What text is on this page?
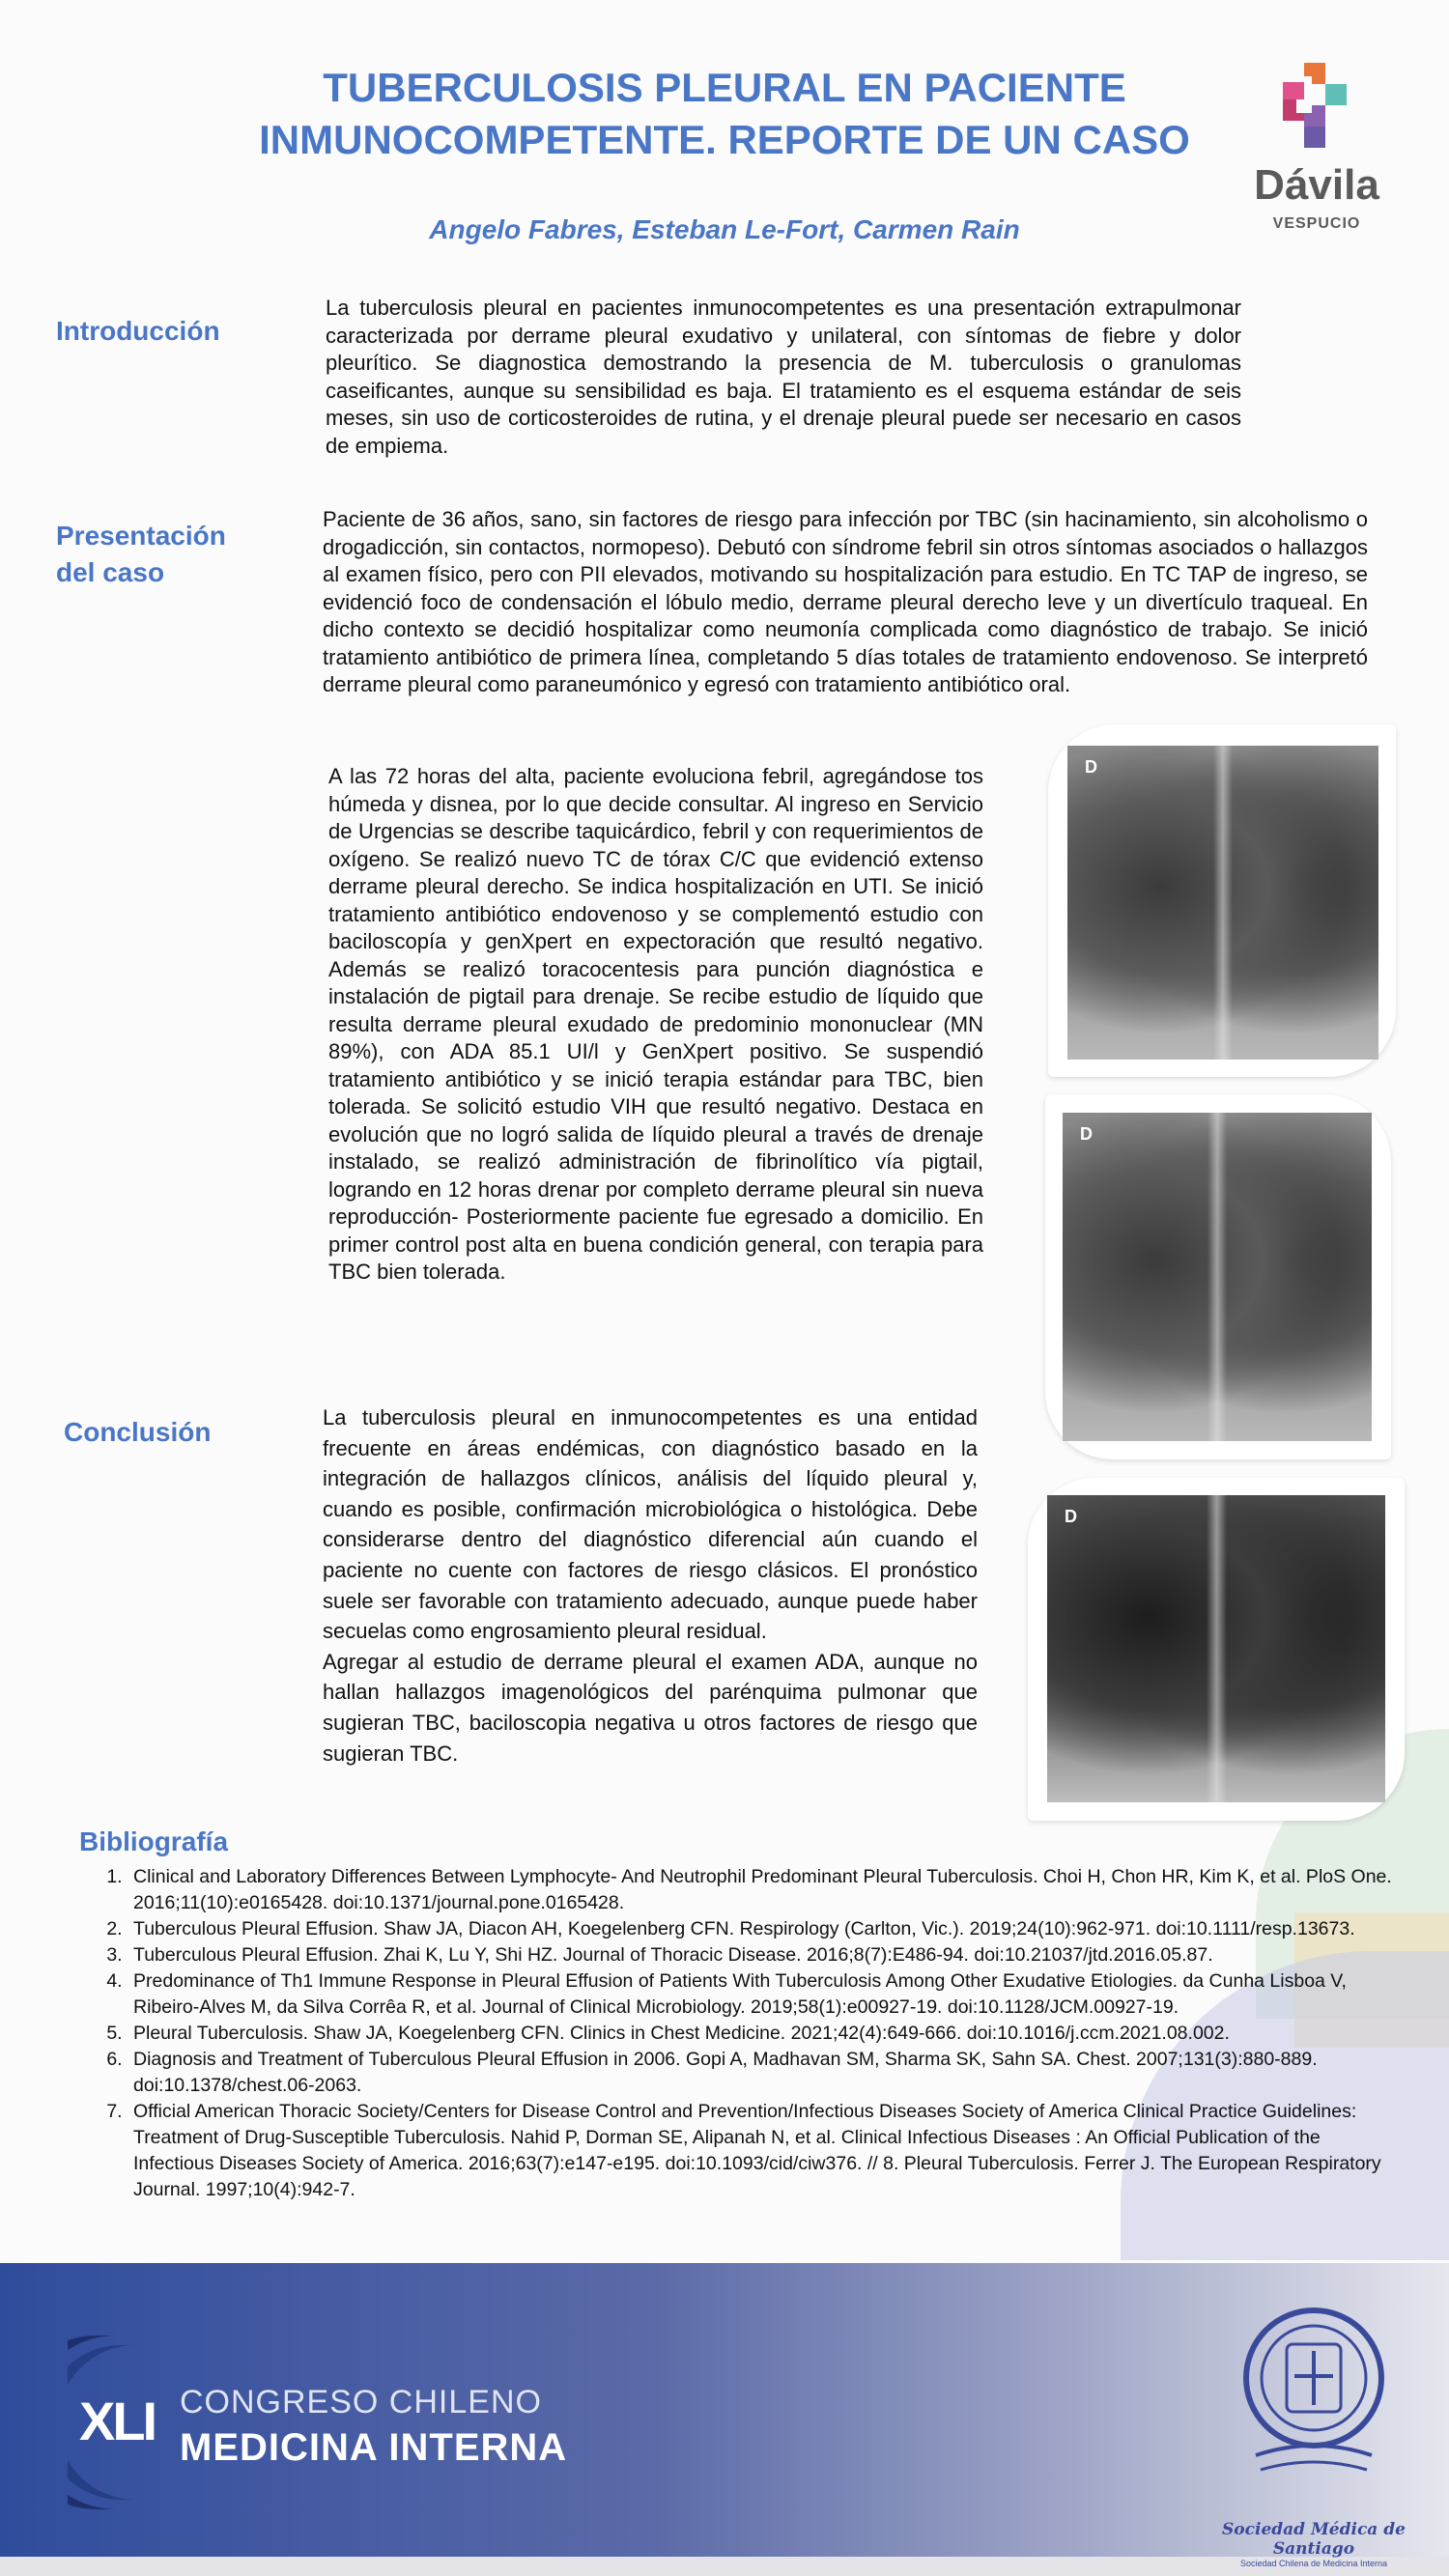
TUBERCULOSIS PLEURAL EN PACIENTE
INMUNOCOMPETENTE. REPORTE DE UN CASO
Angelo Fabres, Esteban Le-Fort, Carmen Rain
Dávila
VESPUCIO
Introducción
La tuberculosis pleural en pacientes inmunocompetentes es una presentación extrapulmonar caracterizada por derrame pleural exudativo y unilateral, con síntomas de fiebre y dolor pleurítico. Se diagnostica demostrando la presencia de M. tuberculosis o granulomas caseificantes, aunque su sensibilidad es baja. El tratamiento es el esquema estándar de seis meses, sin uso de corticosteroides de rutina, y el drenaje pleural puede ser necesario en casos de empiema.
Presentación
del caso
Paciente de 36 años, sano, sin factores de riesgo para infección por TBC (sin hacinamiento, sin alcoholismo o drogadicción, sin contactos, normopeso). Debutó con síndrome febril sin otros síntomas asociados o hallazgos al examen físico, pero con PII elevados, motivando su hospitalización para estudio. En TC TAP de ingreso, se evidenció foco de condensación el lóbulo medio, derrame pleural derecho leve y un divertículo traqueal. En dicho contexto se decidió hospitalizar como neumonía complicada como diagnóstico de trabajo. Se inició tratamiento antibiótico de primera línea, completando 5 días totales de tratamiento endovenoso. Se interpretó derrame pleural como paraneumónico y egresó con tratamiento antibiótico oral.
A las 72 horas del alta, paciente evoluciona febril, agregándose tos húmeda y disnea, por lo que decide consultar. Al ingreso en Servicio de Urgencias se describe taquicárdico, febril y con requerimientos de oxígeno. Se realizó nuevo TC de tórax C/C que evidenció extenso derrame pleural derecho. Se indica hospitalización en UTI. Se inició tratamiento antibiótico endovenoso y se complementó estudio con baciloscopía y genXpert en expectoración que resultó negativo. Además se realizó toracocentesis para punción diagnóstica e instalación de pigtail para drenaje. Se recibe estudio de líquido que resulta derrame pleural exudado de predominio mononuclear (MN 89%), con ADA 85.1 UI/l y GenXpert positivo. Se suspendió tratamiento antibiótico y se inició terapia estándar para TBC, bien tolerada. Se solicitó estudio VIH que resultó negativo. Destaca en evolución que no logró salida de líquido pleural a través de drenaje instalado, se realizó administración de fibrinolítico vía pigtail, logrando en 12 horas drenar por completo derrame pleural sin nueva reproducción- Posteriormente paciente fue egresado a domicilio. En primer control post alta en buena condición general, con terapia para TBC bien tolerada.
Conclusión	La tuberculosis pleural en inmunocompetentes es una entidad frecuente en áreas endémicas, con diagnóstico basado en la integración de hallazgos clínicos, análisis del líquido pleural y, cuando es posible, confirmación microbiológica o histológica. Debe considerarse dentro del diagnóstico diferencial aún cuando el paciente no cuente con factores de riesgo clásicos. El pronóstico suele ser favorable con tratamiento adecuado, aunque puede haber secuelas como engrosamiento pleural residual.

Agregar al estudio de derrame pleural el examen ADA, aunque no hallan hallazgos imagenológicos del parénquima pulmonar que sugieran TBC, baciloscopia negativa u otros factores de riesgo que sugieran TBC.

D
D
D
Bibliografía
1. Clinical and Laboratory Differences Between Lymphocyte- And Neutrophil Predominant Pleural Tuberculosis. Choi H, Chon HR, Kim K, et al. PloS One. 2016;11(10):e0165428. doi:10.1371/journal.pone.0165428.
2. Tuberculous Pleural Effusion. Shaw JA, Diacon AH, Koegelenberg CFN. Respirology (Carlton, Vic.). 2019;24(10):962-971. doi:10.1111/resp.13673.
3. Tuberculous Pleural Effusion. Zhai K, Lu Y, Shi HZ. Journal of Thoracic Disease. 2016;8(7):E486-94. doi:10.21037/jtd.2016.05.87.
4. Predominance of Th1 Immune Response in Pleural Effusion of Patients With Tuberculosis Among Other Exudative Etiologies. da Cunha Lisboa V, Ribeiro-Alves M, da Silva Corrêa R, et al. Journal of Clinical Microbiology. 2019;58(1):e00927-19. doi:10.1128/JCM.00927-19.
5. Pleural Tuberculosis. Shaw JA, Koegelenberg CFN. Clinics in Chest Medicine. 2021;42(4):649-666. doi:10.1016/j.ccm.2021.08.002.
6. Diagnosis and Treatment of Tuberculous Pleural Effusion in 2006. Gopi A, Madhavan SM, Sharma SK, Sahn SA. Chest. 2007;131(3):880-889. doi:10.1378/chest.06-2063.
7. Official American Thoracic Society/Centers for Disease Control and Prevention/Infectious Diseases Society of America Clinical Practice Guidelines: Treatment of Drug-Susceptible Tuberculosis. Nahid P, Dorman SE, Alipanah N, et al. Clinical Infectious Diseases : An Official Publication of the Infectious Diseases Society of America. 2016;63(7):e147-e195. doi:10.1093/cid/ciw376. // 8. Pleural Tuberculosis. Ferrer J. The European Respiratory Journal. 1997;10(4):942-7.
XLI CONGRESO CHILENO
MEDICINA INTERNA
Sociedad Médica de Santiago
Sociedad Chilena de Medicina Interna
